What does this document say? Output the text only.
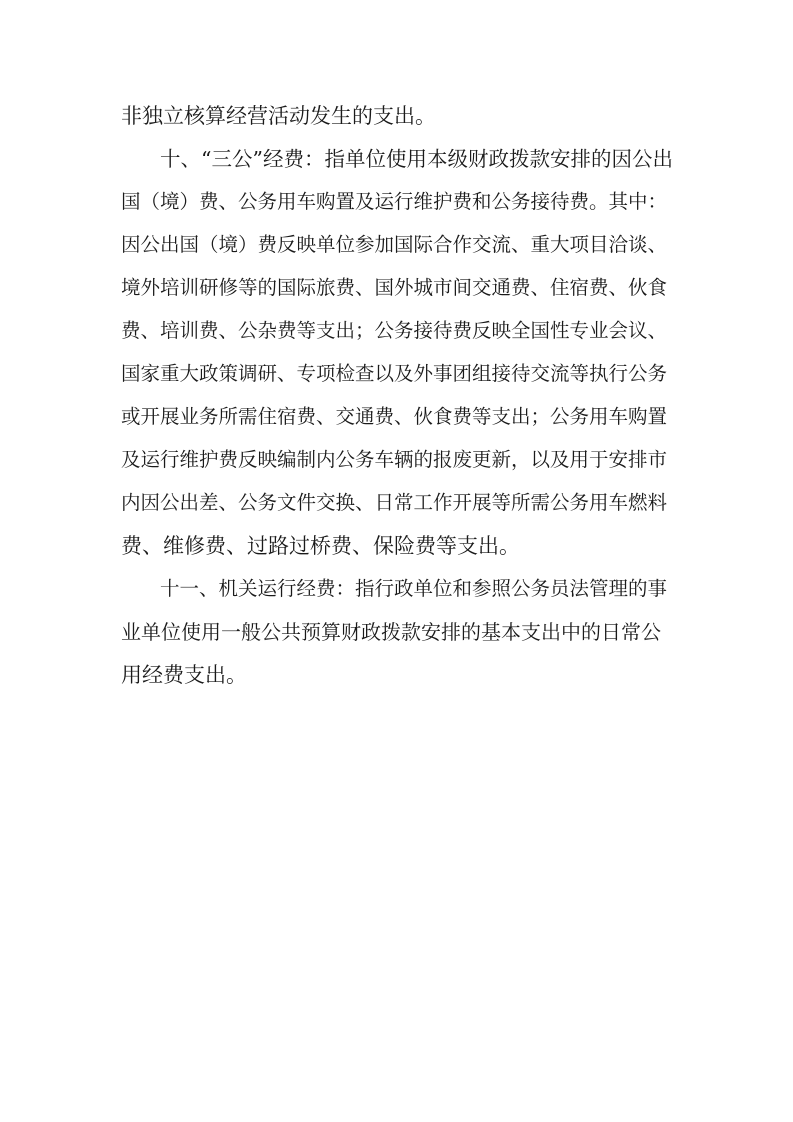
非独立核算经营活动发生的支出。

十、“三公”经费：指单位使用本级财政拨款安排的因公出

国（境）费、公务用车购置及运行维护费和公务接待费。其中：

因公出国（境）费反映单位参加国际合作交流、重大项目洽谈、

境外培训研修等的国际旅费、国外城市间交通费、住宿费、伙食

费、培训费、公杂费等支出；公务接待费反映全国性专业会议、

国家重大政策调研、专项检查以及外事团组接待交流等执行公务

或开展业务所需住宿费、交通费、伙食费等支出；公务用车购置

及运行维护费反映编制内公务车辆的报废更新，以及用于安排市

内因公出差、公务文件交换、日常工作开展等所需公务用车燃料

费、维修费、过路过桥费、保险费等支出。

十一、机关运行经费：指行政单位和参照公务员法管理的事

业单位使用一般公共预算财政拨款安排的基本支出中的日常公

用经费支出。
